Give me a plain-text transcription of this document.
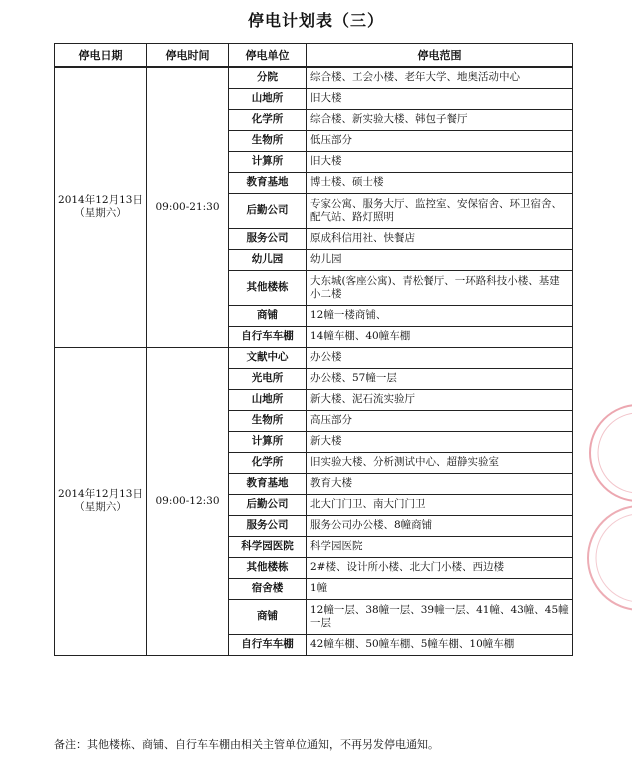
停电计划表（三）
停电日期	停电时间	停电单位	停电范围

2014年12月13日
（星期六）	09:00-21:30	分院	综合楼、工会小楼、老年大学、地奥活动中心
		山地所	旧大楼
		化学所	综合楼、新实验大楼、韩包子餐厅
		生物所	低压部分
		计算所	旧大楼
		教育基地	博士楼、硕士楼
		后勤公司	专家公寓、服务大厅、监控室、安保宿舍、环卫宿舍、配气站、路灯照明
		服务公司	原成科信用社、快餐店
		幼儿园	幼儿园
		其他楼栋	大东城(客座公寓)、青松餐厅、一环路科技小楼、基建小二楼
		商铺	12幢一楼商铺、
		自行车车棚	14幢车棚、40幢车棚

2014年12月13日
（星期六）	09:00-12:30	文献中心	办公楼
		光电所	办公楼、57幢一层
		山地所	新大楼、泥石流实验厅
		生物所	高压部分
		计算所	新大楼
		化学所	旧实验大楼、分析测试中心、超静实验室
		教育基地	教育大楼
		后勤公司	北大门门卫、南大门门卫
		服务公司	服务公司办公楼、8幢商铺
		科学园医院	科学园医院
		其他楼栋	2#楼、设计所小楼、北大门小楼、西边楼
		宿舍楼	1幢
		商铺	12幢一层、38幢一层、39幢一层、41幢、43幢、45幢一层
		自行车车棚	42幢车棚、50幢车棚、5幢车棚、10幢车棚
备注：其他楼栋、商铺、自行车车棚由相关主管单位通知，不再另发停电通知。
